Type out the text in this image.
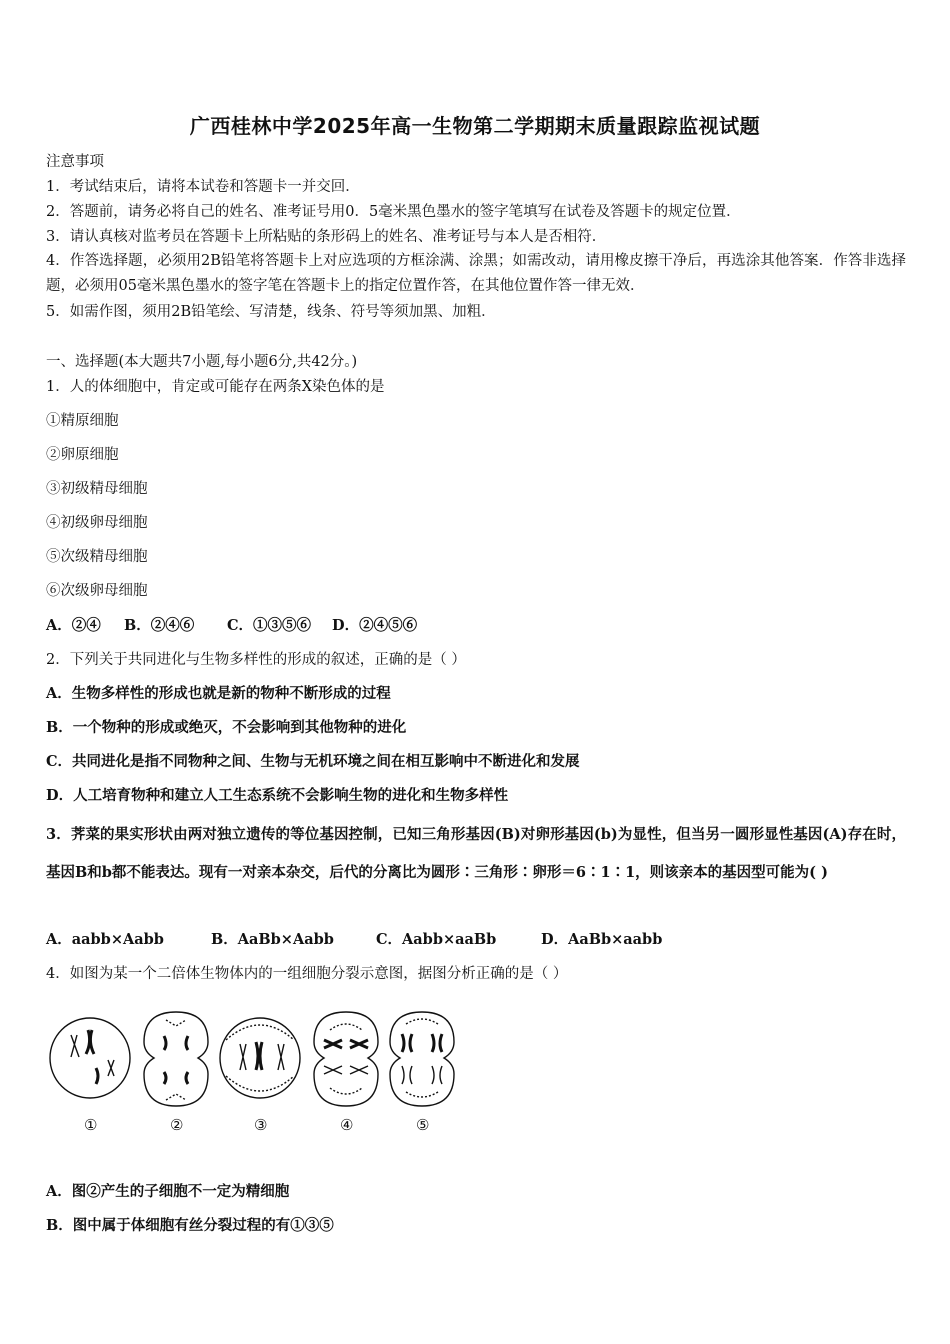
广西桂林中学2025年高一生物第二学期期末质量跟踪监视试题
注意事项
1．考试结束后，请将本试卷和答题卡一并交回．
2．答题前，请务必将自己的姓名、准考证号用0．5毫米黑色墨水的签字笔填写在试卷及答题卡的规定位置．
3．请认真核对监考员在答题卡上所粘贴的条形码上的姓名、准考证号与本人是否相符．
4．作答选择题，必须用2B铅笔将答题卡上对应选项的方框涂满、涂黑；如需改动，请用橡皮擦干净后，再选涂其他答案．作答非选择题，必须用05毫米黑色墨水的签字笔在答题卡上的指定位置作答，在其他位置作答一律无效．
5．如需作图，须用2B铅笔绘、写清楚，线条、符号等须加黑、加粗．
一、选择题(本大题共7小题,每小题6分,共42分。)
1．人的体细胞中，肯定或可能存在两条X染色体的是
①精原细胞
②卵原细胞
③初级精母细胞
④初级卵母细胞
⑤次级精母细胞
⑥次级卵母细胞
A．②④ B．②④⑥ C．①③⑤⑥ D．②④⑤⑥
2．下列关于共同进化与生物多样性的形成的叙述，正确的是（ ）
A．生物多样性的形成也就是新的物种不断形成的过程
B．一个物种的形成或绝灭，不会影响到其他物种的进化
C．共同进化是指不同物种之间、生物与无机环境之间在相互影响中不断进化和发展
D．人工培育物种和建立人工生态系统不会影响生物的进化和生物多样性
3．荠菜的果实形状由两对独立遗传的等位基因控制，已知三角形基因(B)对卵形基因(b)为显性，但当另一圆形显性基因(A)存在时，基因B和b都不能表达。现有一对亲本杂交，后代的分离比为圆形∶三角形∶卵形＝6∶1∶1，则该亲本的基因型可能为( )
A．aabb×Aabb	B．AaBb×Aabb	C．Aabb×aaBb	D．AaBb×aabb
4．如图为某一个二倍体生物体内的一组细胞分裂示意图，据图分析正确的是（ ）
①	②	③	④	⑤
A．图②产生的子细胞不一定为精细胞
B．图中属于体细胞有丝分裂过程的有①③⑤
